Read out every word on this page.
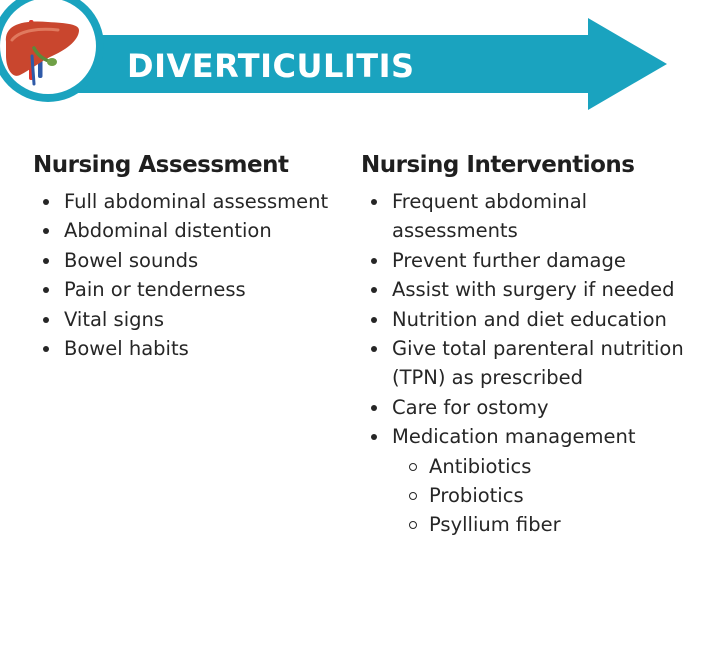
DIVERTICULITIS
Nursing Assessment
Full abdominal assessment
Abdominal distention
Bowel sounds
Pain or tenderness
Vital signs
Bowel habits
Nursing Interventions
Frequent abdominal assessments
Prevent further damage
Assist with surgery if needed
Nutrition and diet education
Give total parenteral nutrition (TPN) as prescribed
Care for ostomy
Medication management
Antibiotics
Probiotics
Psyllium fiber
